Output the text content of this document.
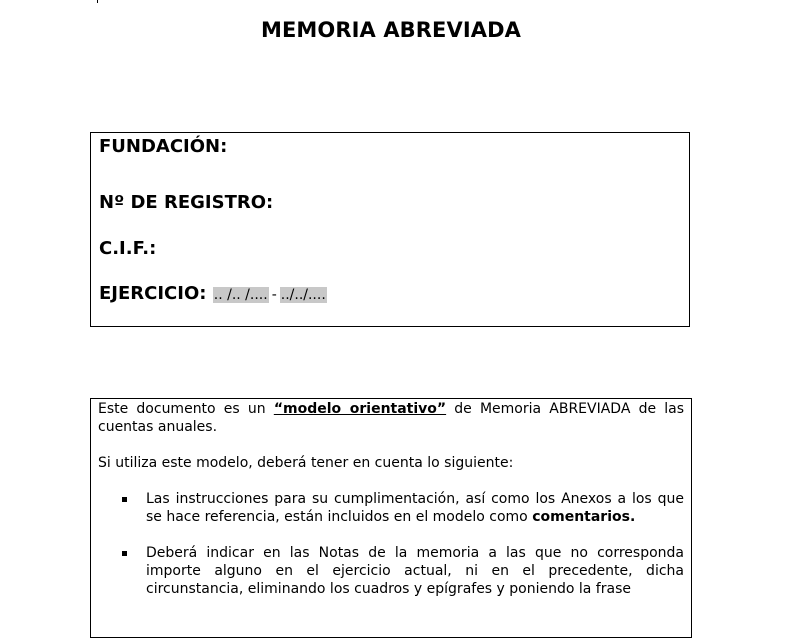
MEMORIA ABREVIADA
FUNDACIÓN:
Nº DE REGISTRO:
C.I.F.:
EJERCICIO: .. /.. /.... - ../../....

Este documento es un “modelo orientativo” de Memoria ABREVIADA de las cuentas anuales.

Si utiliza este modelo, deberá tener en cuenta lo siguiente:

Las instrucciones para su cumplimentación, así como los Anexos a los que se hace referencia, están incluidos en el modelo como comentarios.
Deberá indicar en las Notas de la memoria a las que no corresponda importe alguno en el ejercicio actual, ni en el precedente, dicha circunstancia, eliminando los cuadros y epígrafes y poniendo la frase
